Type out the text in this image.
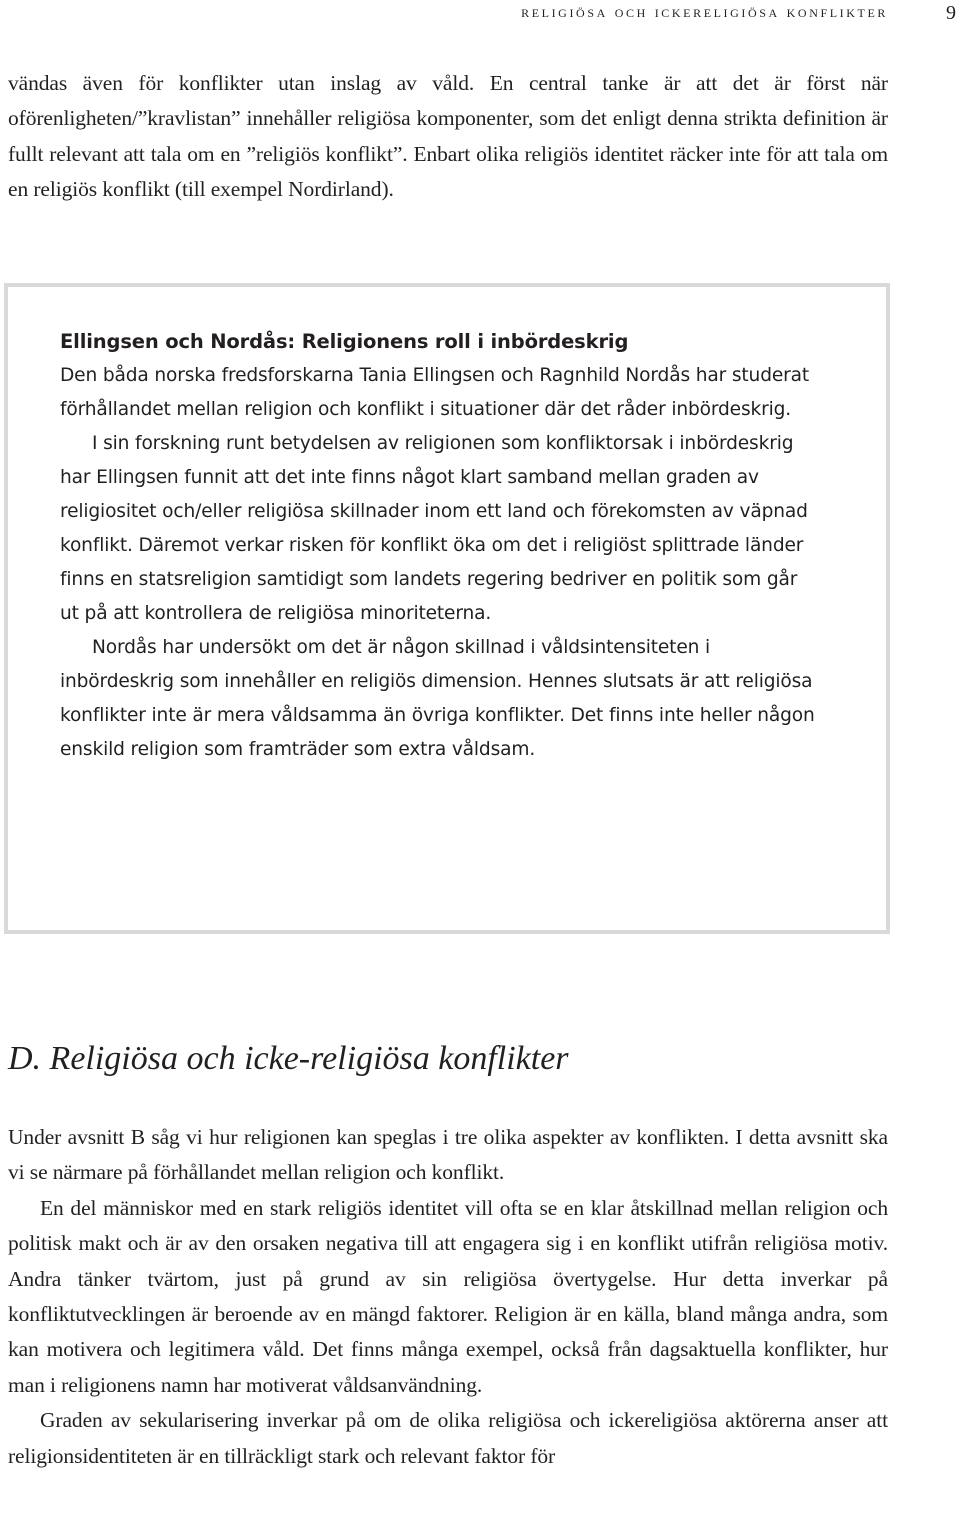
religiösa och ickereligiösa konflikter	9

vändas även för konflikter utan inslag av våld. En central tanke är att det är först när oförenligheten/”kravlistan” innehåller religiösa komponenter, som det enligt denna strikta definition är fullt relevant att tala om en ”religiös konflikt”. Enbart olika religiös identitet räcker inte för att tala om en religiös konflikt (till exempel Nordirland).

Ellingsen och Nordås: Religionens roll i inbördeskrig

Den båda norska fredsforskarna Tania Ellingsen och Ragnhild Nordås har studerat förhållandet mellan religion och konflikt i situationer där det råder inbördeskrig.

I sin forskning runt betydelsen av religionen som konfliktorsak i inbördeskrig har Ellingsen funnit att det inte finns något klart samband mellan graden av religiositet och/eller religiösa skillnader inom ett land och förekomsten av väpnad konflikt. Däremot verkar risken för konflikt öka om det i religiöst splittrade länder finns en statsreligion samtidigt som landets regering bedriver en politik som går ut på att kontrollera de religiösa minoriteterna.

Nordås har undersökt om det är någon skillnad i våldsintensiteten i inbördeskrig som innehåller en religiös dimension. Hennes slutsats är att religiösa konflikter inte är mera våldsamma än övriga konflikter. Det finns inte heller någon enskild religion som framträder som extra våldsam.

D. Religiösa och icke-religiösa konflikter

Under avsnitt B såg vi hur religionen kan speglas i tre olika aspekter av konflikten. I detta avsnitt ska vi se närmare på förhållandet mellan religion och konflikt.

En del människor med en stark religiös identitet vill ofta se en klar åtskillnad mellan religion och politisk makt och är av den orsaken negativa till att engagera sig i en konflikt utifrån religiösa motiv. Andra tänker tvärtom, just på grund av sin religiösa övertygelse. Hur detta inverkar på konfliktutvecklingen är beroende av en mängd faktorer. Religion är en källa, bland många andra, som kan motivera och legitimera våld. Det finns många exempel, också från dagsaktuella konflikter, hur man i religionens namn har motiverat våldsanvändning.

Graden av sekularisering inverkar på om de olika religiösa och ickereligiösa aktörerna anser att religionsidentiteten är en tillräckligt stark och relevant faktor för
